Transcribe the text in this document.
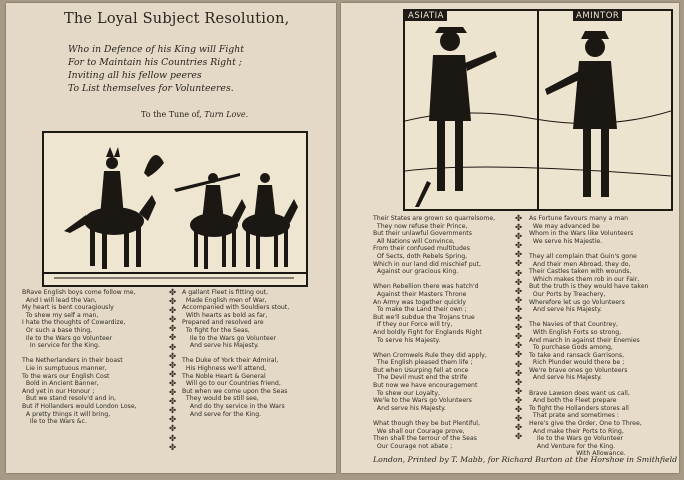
The Loyal Subject Resolution,
Who in Defence of his King will Fight
For to Maintain his Countries Right ;
Inviting all his fellow peeres
To List themselves for Volunteeres.
To the Tune of, Turn Love.
BRave English boys come follow me,
And I will lead the Van,
My heart is bent couragiously
To shew my self a man,
I hate the thoughts of Cowardize,
Or such a base thing,
Ile to the Wars go Volunteer
In service for the King.

The Netherlanders in their boast
Lie in sumptuous manner,
To the wars our English Cost
Bold in Ancient Banner,
And yet in our Honour ;
But we stand resolv'd and in,
But if Hollanders would London Lose,
A pretty things it will bring,
Ile to the Wars &c.
✤
✤
✤
✤
✤
✤
✤
✤
✤
✤
✤
✤
✤
✤
✤
✤
✤
✤
A gallant Fleet is fitting out,
Made English men of War,
Accompanied with Souldiers stout,
With hearts as bold as far,
Prepared and resolved are
To fight for the Seas,
Ile to the Wars go Volunteer
And serve his Majesty.

The Duke of York their Admiral,
His Highness we'll attend,
The Noble Heart & General
Will go to our Countries friend,
But when we come upon the Seas
They would be still see,
And do thy service in the Wars
And serve for the King.
ASIATIA	AMINTOR
Their States are grown so quarrelsome,
They now refuse their Prince,
But their unlawful Governments
All Nations will Convince,
From their confused multitudes
Of Sects, doth Rebels Spring,
Which in our land did mischief put,
Against our gracious King.

When Rebellion there was hatch'd
Against their Masters Throne
An Army was together quickly
To make the Land their own ;
But we'll subdue the Trojans true
If they our Force will try,
And boldly Fight for Englands Right
To serve his Majesty.

When Cromwels Rule they did apply,
The English pleased them life ;
But when Usurping fell at once
The Devil must end the strife
But now we have encouragement
To shew our Loyalty,
We'le to the Wars go Volunteers
And serve his Majesty.

What though they be but Plentiful,
We shall our Courage prove,
Then shall the terrour of the Seas
Our Courage not abate ;
✤
✤
✤
✤
✤
✤
✤
✤
✤
✤
✤
✤
✤
✤
✤
✤
✤
✤
✤
✤
✤
✤
✤
✤
✤
As Fortune favours many a man
We may advanced be
Whom in the Wars like Volunteers
We serve his Majestie.

They all complain that Guin's gone
And their men Abroad, they do,
Their Castles taken with wounds,
Which makes them rob in our Fair,
But the truth is they would have taken
Our Ports by Treachery,
Wherefore let us go Volunteers
And serve his Majesty.

The Navies of that Countrey,
With English Forts so strong,
And march in against their Enemies
To purchase Gods among,
To take and ransack Garrisons,
Rich Plunder would there be ;
We're brave ones go Volunteers
And serve his Majesty.

Brave Lawson does want us call,
And both the Fleet prepare
To fight the Hollanders stores all
That prate and sometimes :
Here's give the Order, One to Three,
And make their Ports to Ring,
Ile to the Wars go Volunteer
And Venture for the King.
With Allowance.
London, Printed by T. Mabb, for Richard Burton at the Horshoe in Smithfield
